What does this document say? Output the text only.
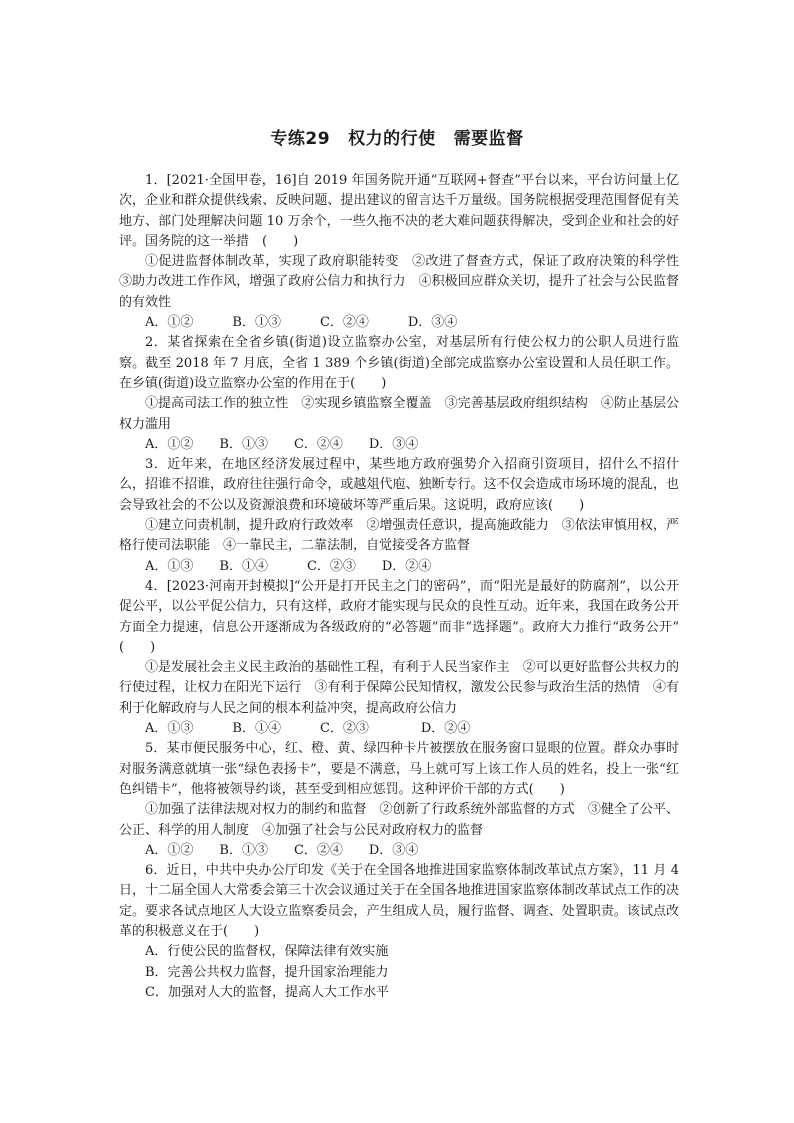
专练29 权力的行使 需要监督

1．[2021·全国甲卷，16]自 2019 年国务院开通“互联网+督查”平台以来，平台访问量上亿次，企业和群众提供线索、反映问题、提出建议的留言达千万量级。国务院根据受理范围督促有关地方、部门处理解决问题 10 万余个，一些久拖不决的老大难问题获得解决，受到企业和社会的好评。国务院的这一举措　(　　)

①促进监督体制改革，实现了政府职能转变　②改进了督查方式，保证了政府决策的科学性　③助力改进工作作风，增强了政府公信力和执行力　④积极回应群众关切，提升了社会与公民监督的有效性

A．①②　　　B．①③　　　C．②④　　　D．③④

2．某省探索在全省乡镇(街道)设立监察办公室，对基层所有行使公权力的公职人员进行监察。截至 2018 年 7 月底，全省 1 389 个乡镇(街道)全部完成监察办公室设置和人员任职工作。在乡镇(街道)设立监察办公室的作用在于(　　)

①提高司法工作的独立性　②实现乡镇监察全覆盖　③完善基层政府组织结构　④防止基层公权力滥用

A．①②　　B．①③　　C．②④　　D．③④

3．近年来，在地区经济发展过程中，某些地方政府强势介入招商引资项目，招什么不招什么，招谁不招谁，政府往往强行命令，或越俎代庖、独断专行。这不仅会造成市场环境的混乱，也会导致社会的不公以及资源浪费和环境破坏等严重后果。这说明，政府应该(　　)

①建立问责机制，提升政府行政效率　②增强责任意识，提高施政能力　③依法审慎用权，严格行使司法职能　④一靠民主，二靠法制，自觉接受各方监督

A．①③　　B．①④　　　C．②③　　D．②④

4．[2023·河南开封模拟]“公开是打开民主之门的密码”，而“阳光是最好的防腐剂”，以公开促公平，以公平促公信力，只有这样，政府才能实现与民众的良性互动。近年来，我国在政务公开方面全力提速，信息公开逐渐成为各级政府的“必答题”而非“选择题”。政府大力推行“政务公开”　　(　　)

①是发展社会主义民主政治的基础性工程，有利于人民当家作主　②可以更好监督公共权力的行使过程，让权力在阳光下运行　③有利于保障公民知情权，激发公民参与政治生活的热情　④有利于化解政府与人民之间的根本利益冲突，提高政府公信力

A．①③　　　B．①④　　　C．②③　　　　D．②④

5．某市便民服务中心，红、橙、黄、绿四种卡片被摆放在服务窗口显眼的位置。群众办事时对服务满意就填一张“绿色表扬卡”，要是不满意，马上就可写上该工作人员的姓名，投上一张“红色纠错卡”，他将被领导约谈，甚至受到相应惩罚。这种评价干部的方式(　　)

①加强了法律法规对权力的制约和监督　②创新了行政系统外部监督的方式　③健全了公平、公正、科学的用人制度　④加强了社会与公民对政府权力的监督

A．①②　　B．①③　　C．②④　　D．③④

6．近日，中共中央办公厅印发《关于在全国各地推进国家监察体制改革试点方案》，11 月 4 日，十二届全国人大常委会第三十次会议通过关于在全国各地推进国家监察体制改革试点工作的决定。要求各试点地区人大设立监察委员会，产生组成人员，履行监督、调查、处置职责。该试点改革的积极意义在于(　　)

A．行使公民的监督权，保障法律有效实施

B．完善公共权力监督，提升国家治理能力

C．加强对人大的监督，提高人大工作水平
